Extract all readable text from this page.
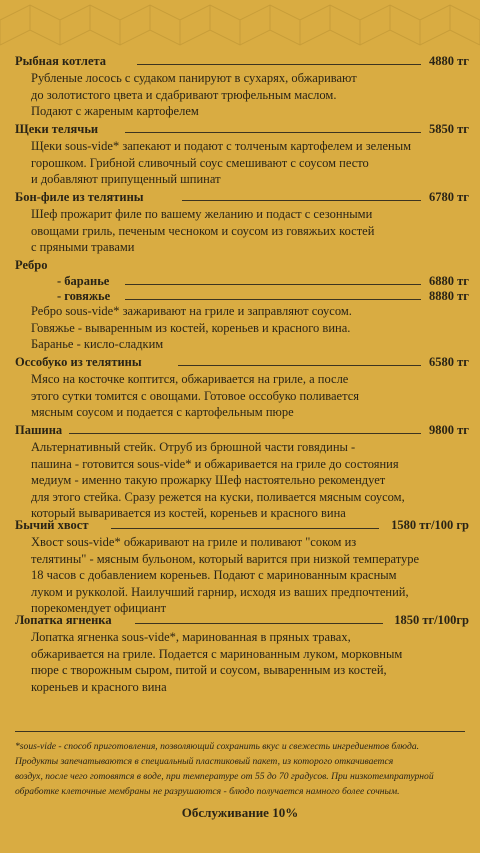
Рыбная котлета	4880 тг
Рубленые лосось с судаком панируют в сухарях, обжаривают
до золотистого цвета и сдабривают трюфельным маслом.
Подают с жареным картофелем
Щеки телячьи	5850 тг
Щеки sous-vide* запекают и подают с толченым картофелем и зеленым
горошком. Грибной сливочный соус смешивают с соусом песто
и добавляют припущенный шпинат
Бон-филе из телятины	6780 тг
Шеф прожарит филе по вашему желанию и подаст с сезонными
овощами гриль, печеным чесноком и соусом из говяжьих костей
с пряными травами
Ребро
- баранье	6880 тг
- говяжье	8880 тг
Ребро sous-vide* зажаривают на гриле и заправляют соусом.
Говяжье - вываренным из костей, кореньев и красного вина.
Баранье - кисло-сладким
Оссобуко из телятины	6580 тг
Мясо на косточке коптится, обжаривается на гриле, а после
этого сутки томится с овощами. Готовое оссобуко поливается
мясным соусом и подается с картофельным пюре
Пашина	9800 тг
Альтернативный стейк. Отруб из брюшной части говядины -
пашина - готовится sous-vide* и обжаривается на гриле до состояния
медиум - именно такую прожарку Шеф настоятельно рекомендует
для этого стейка. Сразу режется на куски, поливается мясным соусом,
который вываривается из костей, кореньев и красного вина
Бычий хвост	1580 тг/100 гр
Хвост sous-vide* обжаривают на гриле и поливают "соком из
телятины" - мясным бульоном, который варится при низкой температуре
18 часов с добавлением кореньев. Подают с маринованным красным
луком и рукколой. Наилучший гарнир, исходя из ваших предпочтений,
порекомендует официант
Лопатка ягненка	1850 тг/100гр
Лопатка ягненка sous-vide*, маринованная в пряных травах,
обжаривается на гриле. Подается с маринованным луком, морковным
пюре с творожным сыром, питой и соусом, вываренным из костей,
кореньев и красного вина
*sous-vide - способ приготовления, позволяющий сохранить вкус и свежесть ингредиентов блюда.
Продукты запечатываются в специальный пластиковый пакет, из которого откачивается
воздух, после чего готовятся в воде, при температуре от 55 до 70 градусов. При низкотемпратурной
обработке клеточные мембраны не разрушаются - блюдо получается намного более сочным.
Обслуживание 10%
